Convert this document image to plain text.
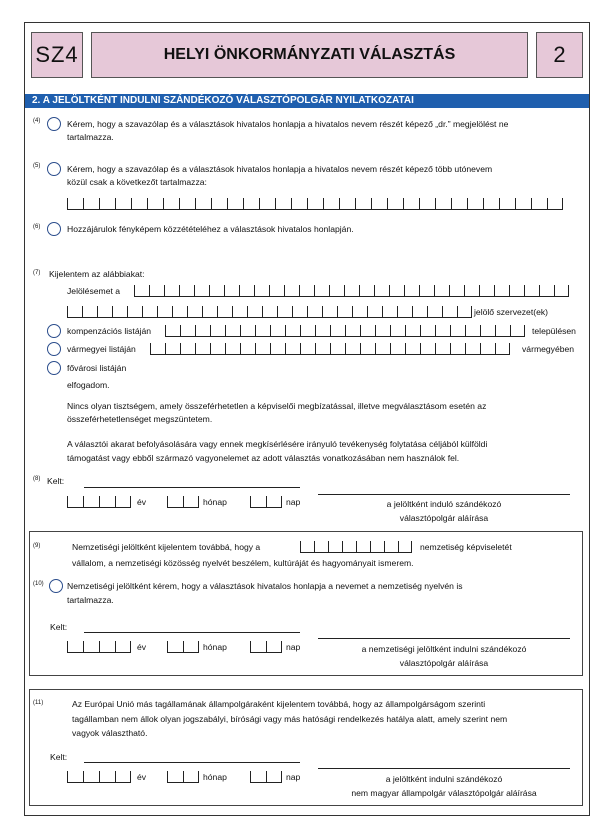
SZ4	HELYI ÖNKORMÁNYZATI VÁLASZTÁS	2
2. A JELÖLTKÉNT INDULNI SZÁNDÉKOZÓ VÁLASZTÓPOLGÁR NYILATKOZATAI
(4)	Kérem, hogy a szavazólap és a választások hivatalos honlapja a hivatalos nevem részét képező „dr.” megjelölést ne
tartalmazza.
(5)	Kérem, hogy a szavazólap és a választások hivatalos honlapja a hivatalos nevem részét képező több utónevem
közül csak a következőt tartalmazza:
(6)	Hozzájárulok fényképem közzétételéhez a választások hivatalos honlapján.
(7) Kijelentem az alábbiakat:
Jelölésemet a
jelölő szervezet(ek)
kompenzációs listáján	településen
vármegyei listáján	vármegyében
fővárosi listáján
elfogadom.
Nincs olyan tisztségem, amely összeférhetetlen a képviselői megbízatással, illetve megválasztásom esetén az
összeférhetetlenséget megszüntetem.
A választói akarat befolyásolására vagy ennek megkísérlésére irányuló tevékenység folytatása céljából külföldi
támogatást vagy ebből származó vagyonelemet az adott választás vonatkozásában nem használok fel.
(8) Kelt:
év	hónap	nap	a jelöltként induló szándékozó
választópolgár aláírása
(9)	Nemzetiségi jelöltként kijelentem továbbá, hogy a	nemzetiség képviseletét
vállalom, a nemzetiségi közösség nyelvét beszélem, kultúráját és hagyományait ismerem.
(10)	Nemzetiségi jelöltként kérem, hogy a választások hivatalos honlapja a nevemet a nemzetiség nyelvén is
tartalmazza.
Kelt:
év	hónap	nap	a nemzetiségi jelöltként indulni szándékozó
választópolgár aláírása
(11)	Az Európai Unió más tagállamának állampolgáraként kijelentem továbbá, hogy az állampolgárságom szerinti
tagállamban nem állok olyan jogszabályi, bírósági vagy más hatósági rendelkezés hatálya alatt, amely szerint nem
vagyok választható.
Kelt:
év	hónap	nap	a jelöltként indulni szándékozó
nem magyar állampolgár választópolgár aláírása
